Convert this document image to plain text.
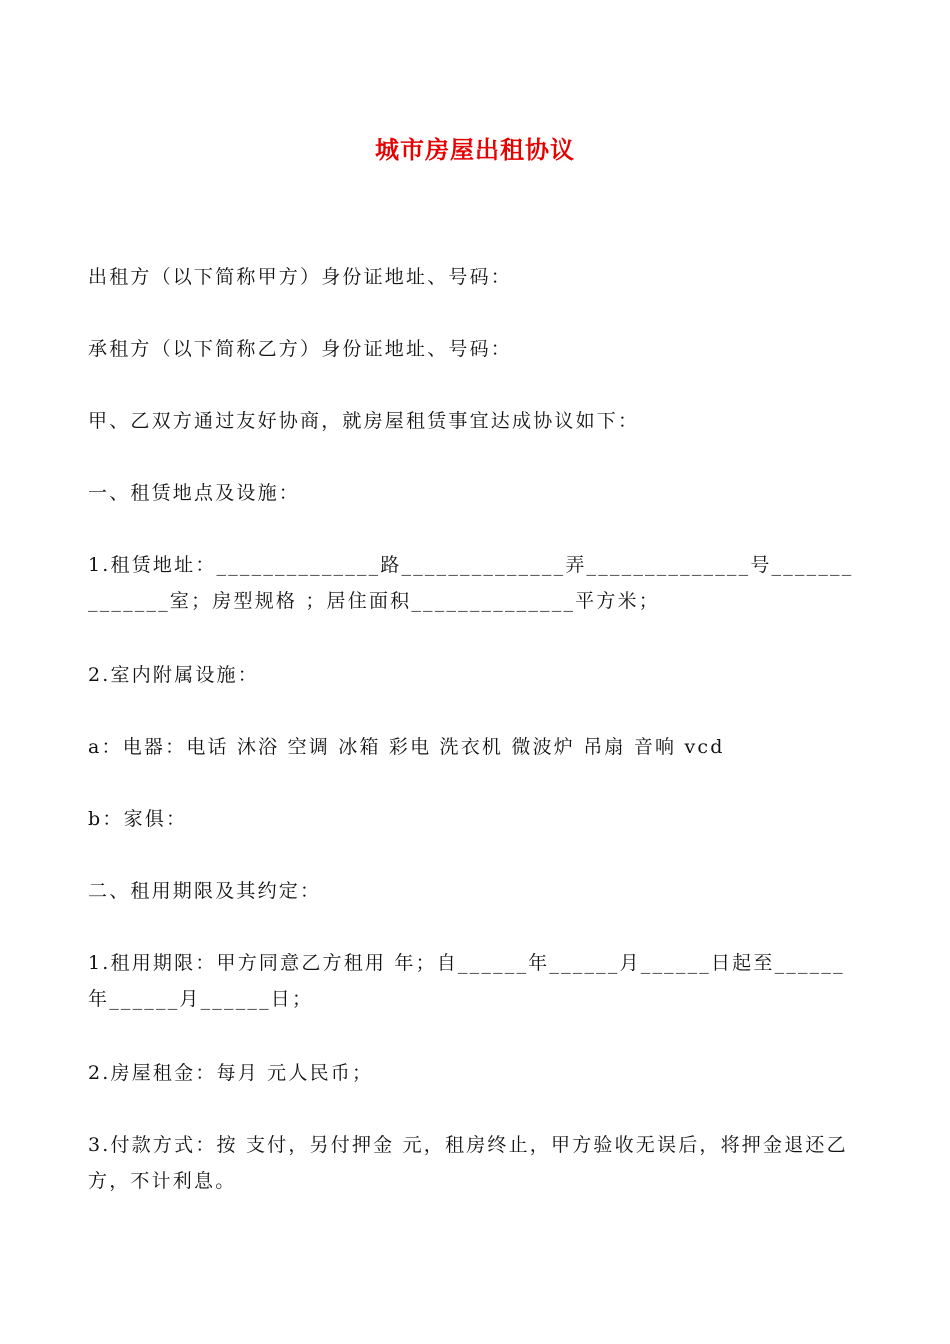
城市房屋出租协议

出租方（以下简称甲方）身份证地址、号码：

承租方（以下简称乙方）身份证地址、号码：

甲、乙双方通过友好协商，就房屋租赁事宜达成协议如下：

一、租赁地点及设施：

1.租赁地址：______________路______________弄______________号______________室；房型规格 ；居住面积______________平方米；

2.室内附属设施：

a：电器：电话 沐浴 空调 冰箱 彩电 洗衣机 微波炉 吊扇 音响 vcd

b：家俱：

二、租用期限及其约定：

1.租用期限：甲方同意乙方租用 年；自______年______月______日起至______年______月______日；

2.房屋租金：每月 元人民币；

3.付款方式：按 支付，另付押金 元，租房终止，甲方验收无误后，将押金退还乙方，不计利息。
